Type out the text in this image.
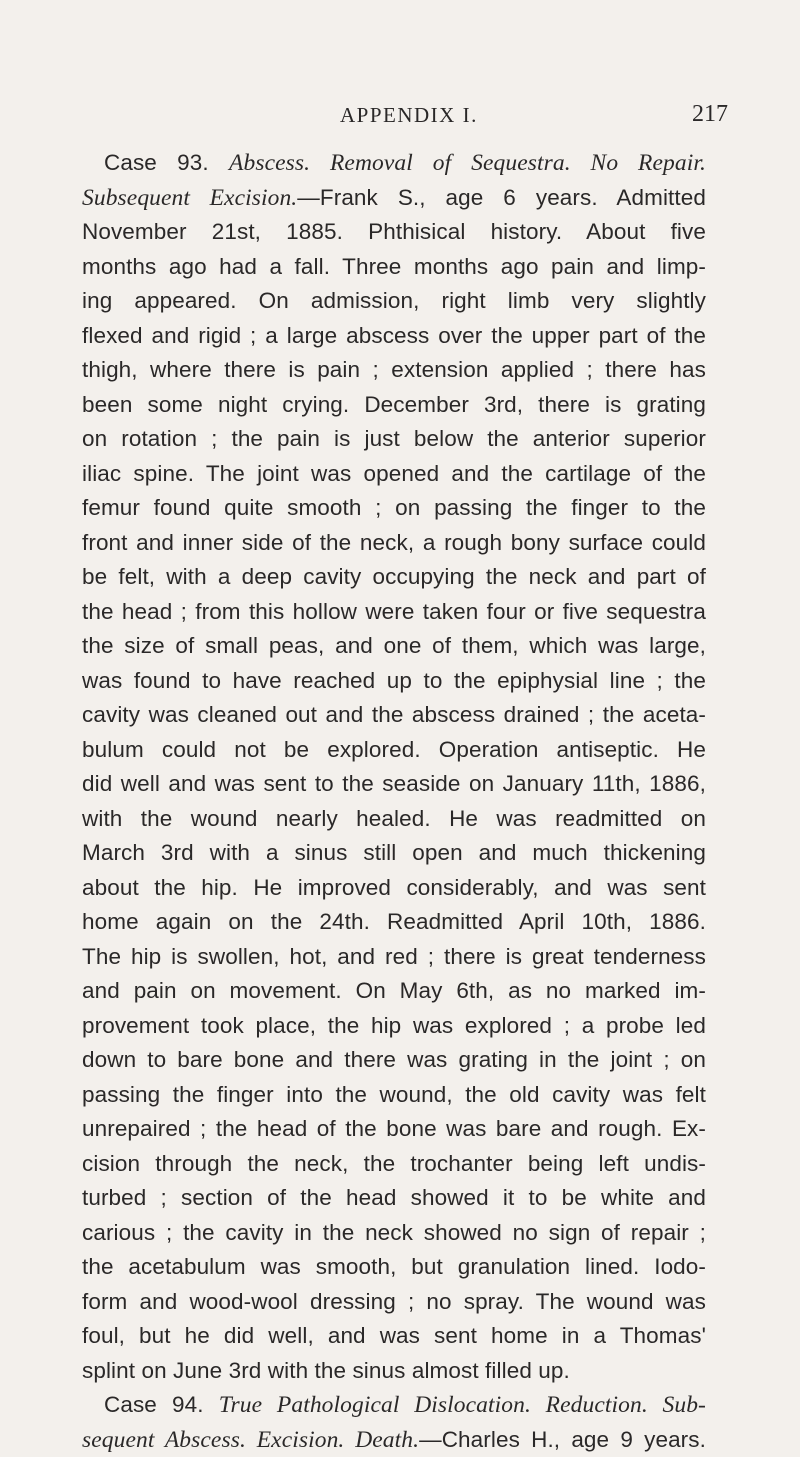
APPENDIX I.	217
Case 93. Abscess. Removal of Sequestra. No Repair.
Subsequent Excision.—Frank S., age 6 years. Admitted
November 21st, 1885. Phthisical history. About five
months ago had a fall. Three months ago pain and limp-
ing appeared. On admission, right limb very slightly
flexed and rigid ; a large abscess over the upper part of the
thigh, where there is pain ; extension applied ; there has
been some night crying. December 3rd, there is grating
on rotation ; the pain is just below the anterior superior
iliac spine. The joint was opened and the cartilage of the
femur found quite smooth ; on passing the finger to the
front and inner side of the neck, a rough bony surface could
be felt, with a deep cavity occupying the neck and part of
the head ; from this hollow were taken four or five sequestra
the size of small peas, and one of them, which was large,
was found to have reached up to the epiphysial line ; the
cavity was cleaned out and the abscess drained ; the aceta-
bulum could not be explored. Operation antiseptic. He
did well and was sent to the seaside on January 11th, 1886,
with the wound nearly healed. He was readmitted on
March 3rd with a sinus still open and much thickening
about the hip. He improved considerably, and was sent
home again on the 24th. Readmitted April 10th, 1886.
The hip is swollen, hot, and red ; there is great tenderness
and pain on movement. On May 6th, as no marked im-
provement took place, the hip was explored ; a probe led
down to bare bone and there was grating in the joint ; on
passing the finger into the wound, the old cavity was felt
unrepaired ; the head of the bone was bare and rough. Ex-
cision through the neck, the trochanter being left undis-
turbed ; section of the head showed it to be white and
carious ; the cavity in the neck showed no sign of repair ;
the acetabulum was smooth, but granulation lined. Iodo-
form and wood-wool dressing ; no spray. The wound was
foul, but he did well, and was sent home in a Thomas'
splint on June 3rd with the sinus almost filled up.
Case 94. True Pathological Dislocation. Reduction. Sub-
sequent Abscess. Excision. Death.—Charles H., age 9 years.
